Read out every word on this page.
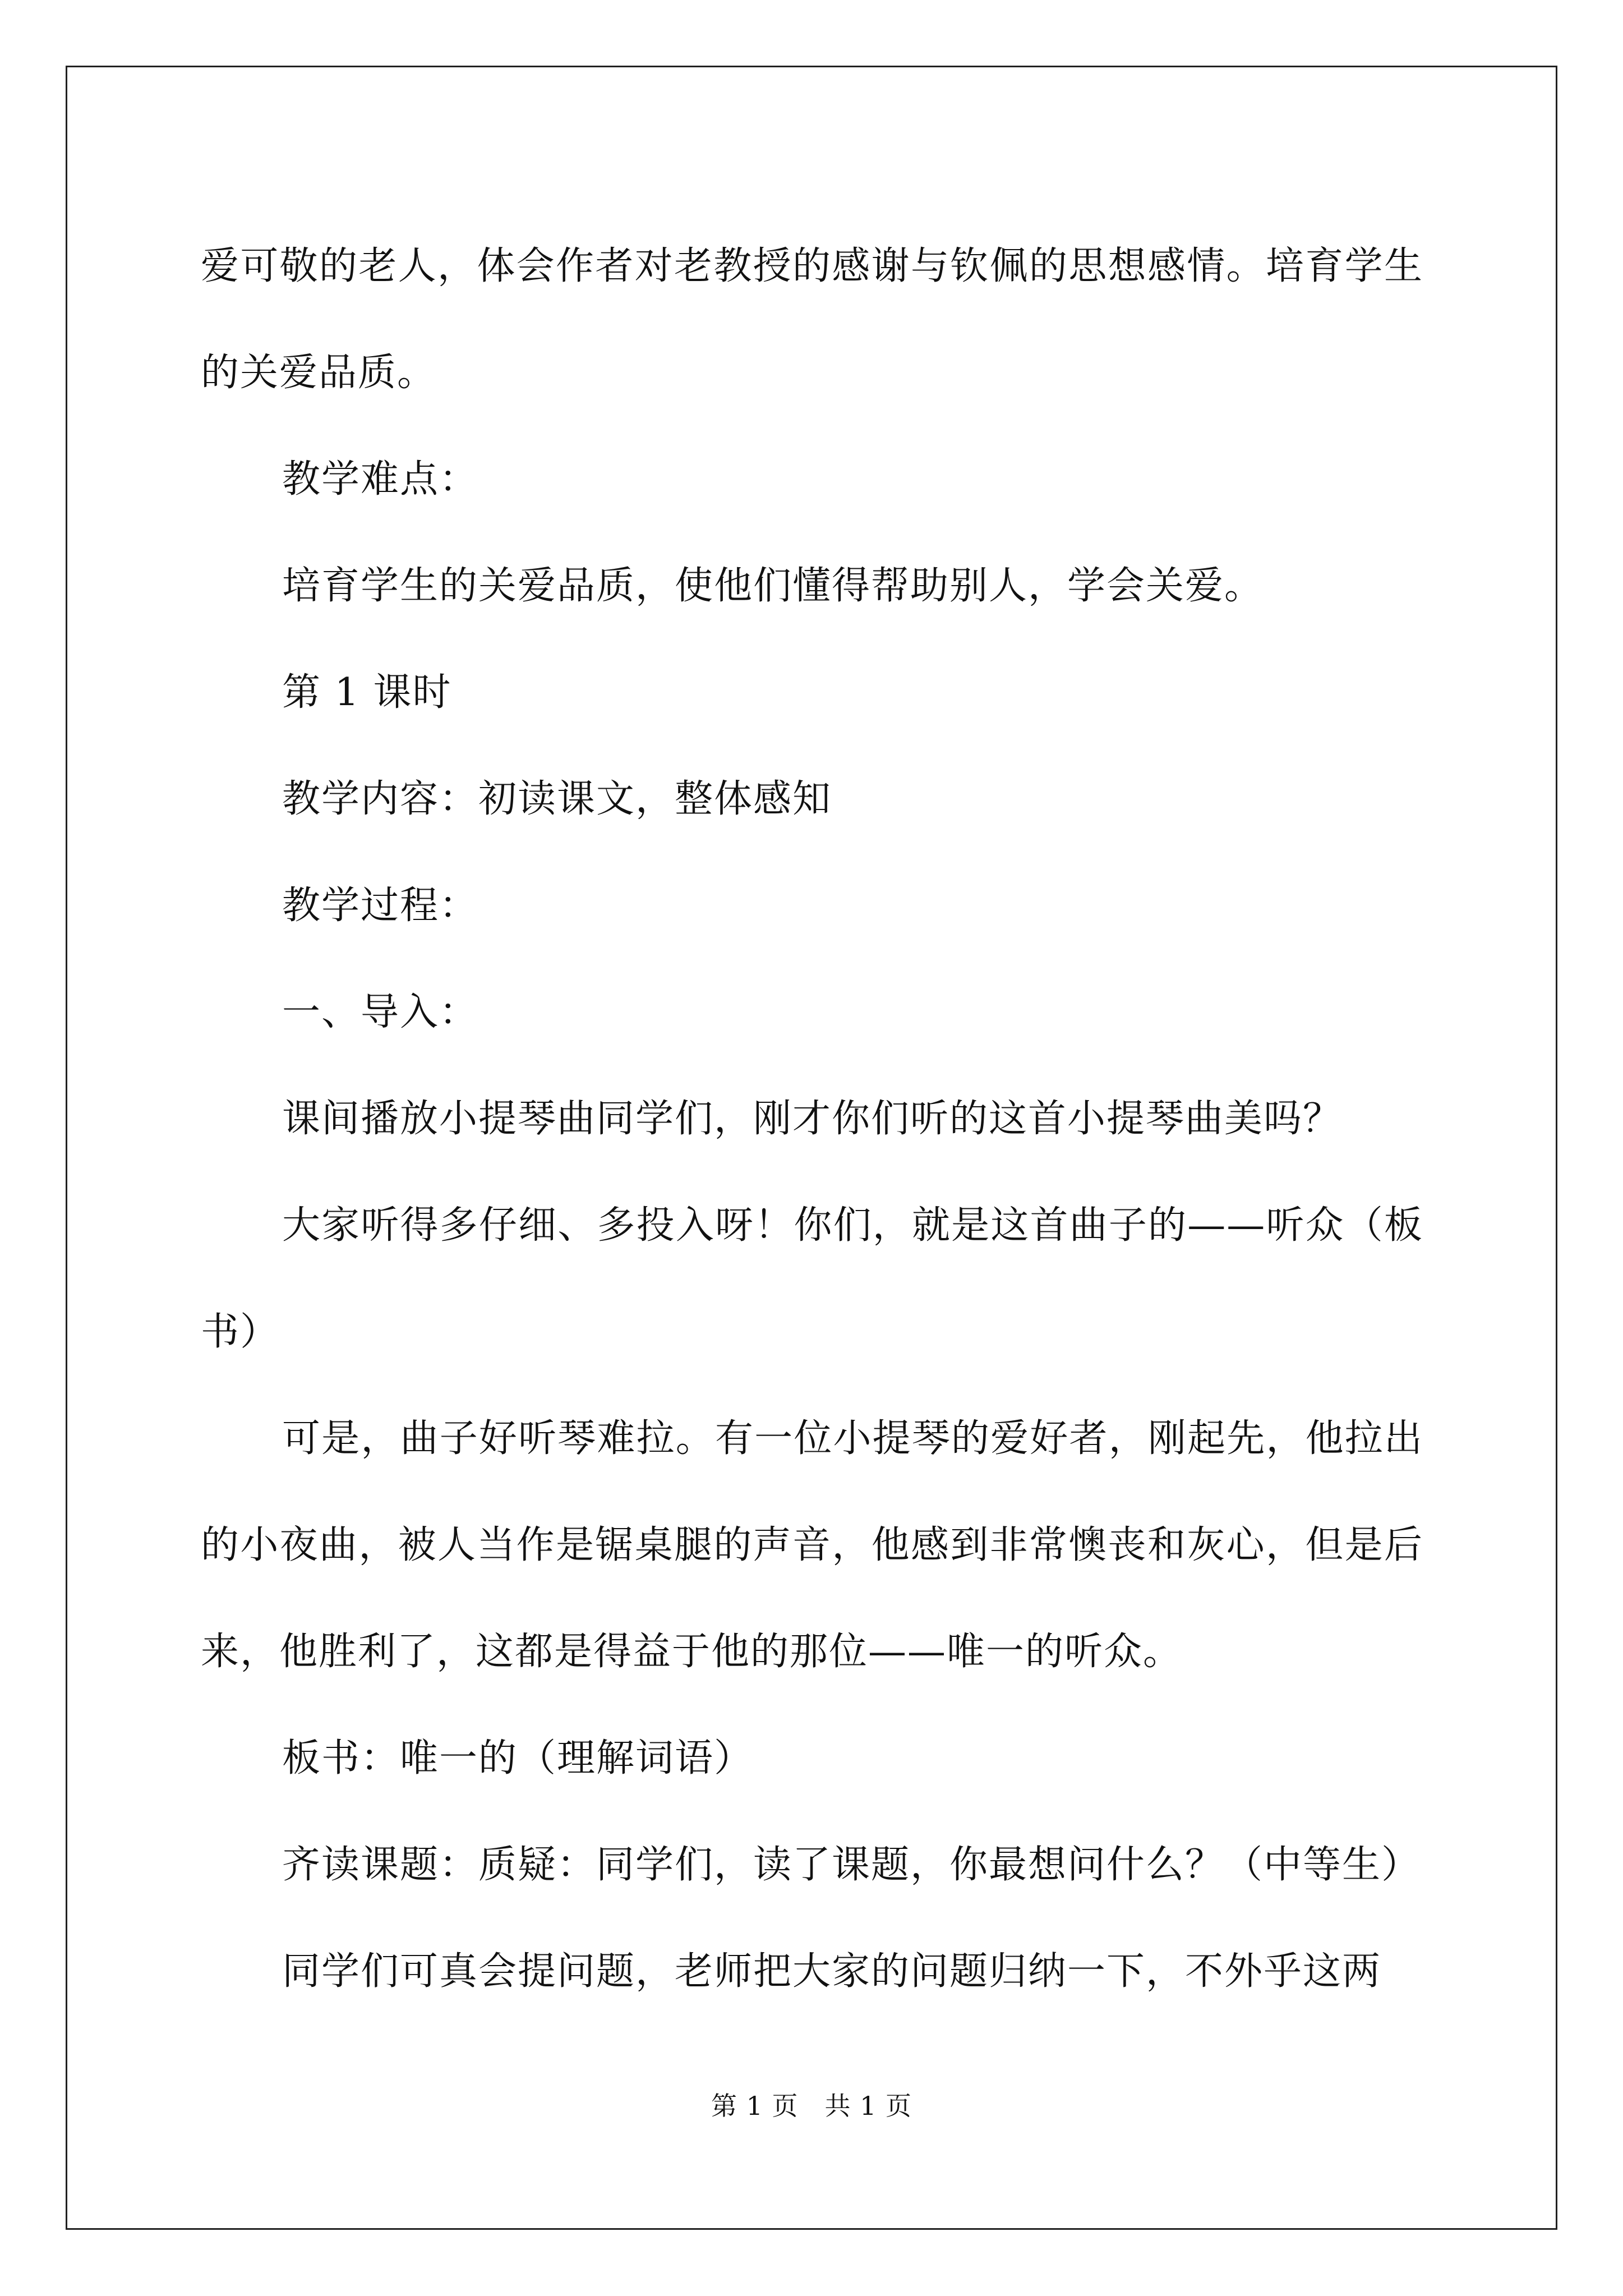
爱可敬的老人，体会作者对老教授的感谢与钦佩的思想感情。培育学生的关爱品质。

教学难点：

培育学生的关爱品质，使他们懂得帮助别人，学会关爱。

第 1 课时

教学内容：初读课文，整体感知

教学过程：

一、导入：

课间播放小提琴曲同学们，刚才你们听的这首小提琴曲美吗？

大家听得多仔细、多投入呀！你们，就是这首曲子的——听众（板书）

可是，曲子好听琴难拉。有一位小提琴的爱好者，刚起先，他拉出的小夜曲，被人当作是锯桌腿的声音，他感到非常懊丧和灰心，但是后来，他胜利了，这都是得益于他的那位——唯一的听众。

板书：唯一的（理解词语）

齐读课题：质疑：同学们，读了课题，你最想问什么？（中等生）

同学们可真会提问题，老师把大家的问题归纳一下，不外乎这两

第 1 页　共 1 页
